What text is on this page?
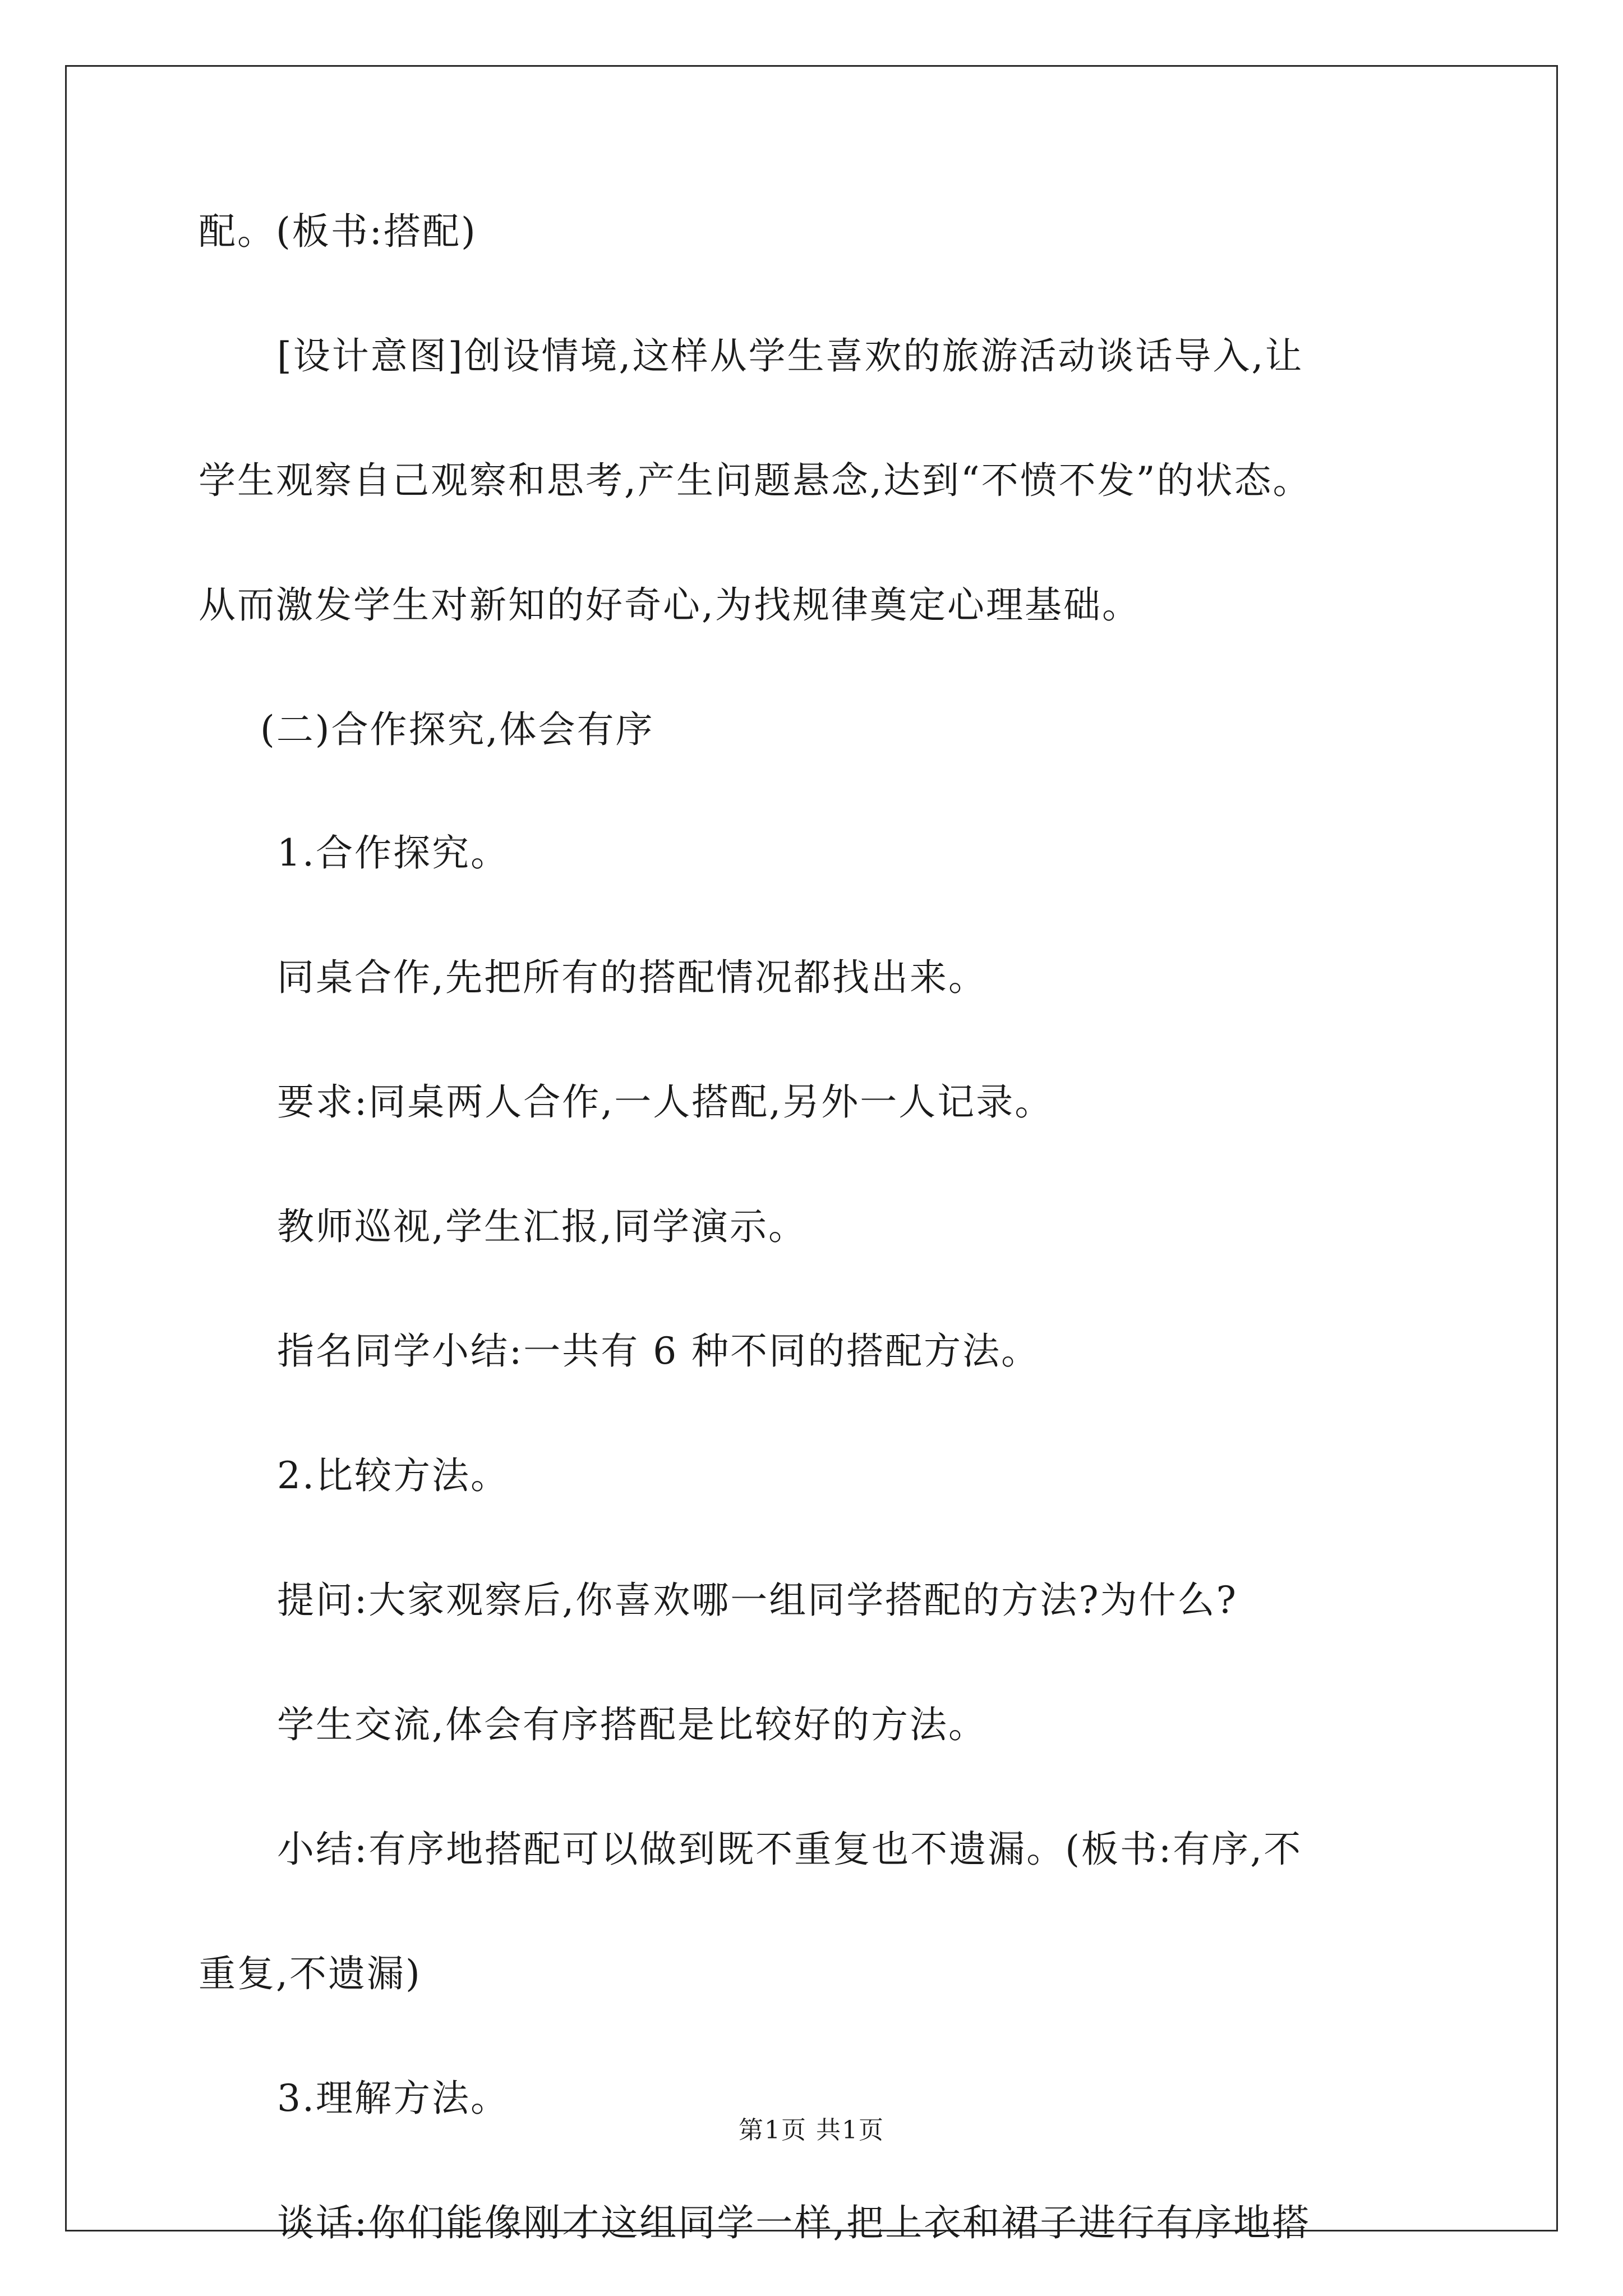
配。(板书:搭配)
[设计意图]创设情境,这样从学生喜欢的旅游活动谈话导入,让
学生观察自己观察和思考,产生问题悬念,达到“不愤不发”的状态。
从而激发学生对新知的好奇心,为找规律奠定心理基础。
(二)合作探究,体会有序
1.合作探究。
同桌合作,先把所有的搭配情况都找出来。
要求:同桌两人合作,一人搭配,另外一人记录。
教师巡视,学生汇报,同学演示。
指名同学小结:一共有 6 种不同的搭配方法。
2.比较方法。
提问:大家观察后,你喜欢哪一组同学搭配的方法?为什么?
学生交流,体会有序搭配是比较好的方法。
小结:有序地搭配可以做到既不重复也不遗漏。(板书:有序,不
重复,不遗漏)
3.理解方法。
谈话:你们能像刚才这组同学一样,把上衣和裙子进行有序地搭
第1页 共1页
